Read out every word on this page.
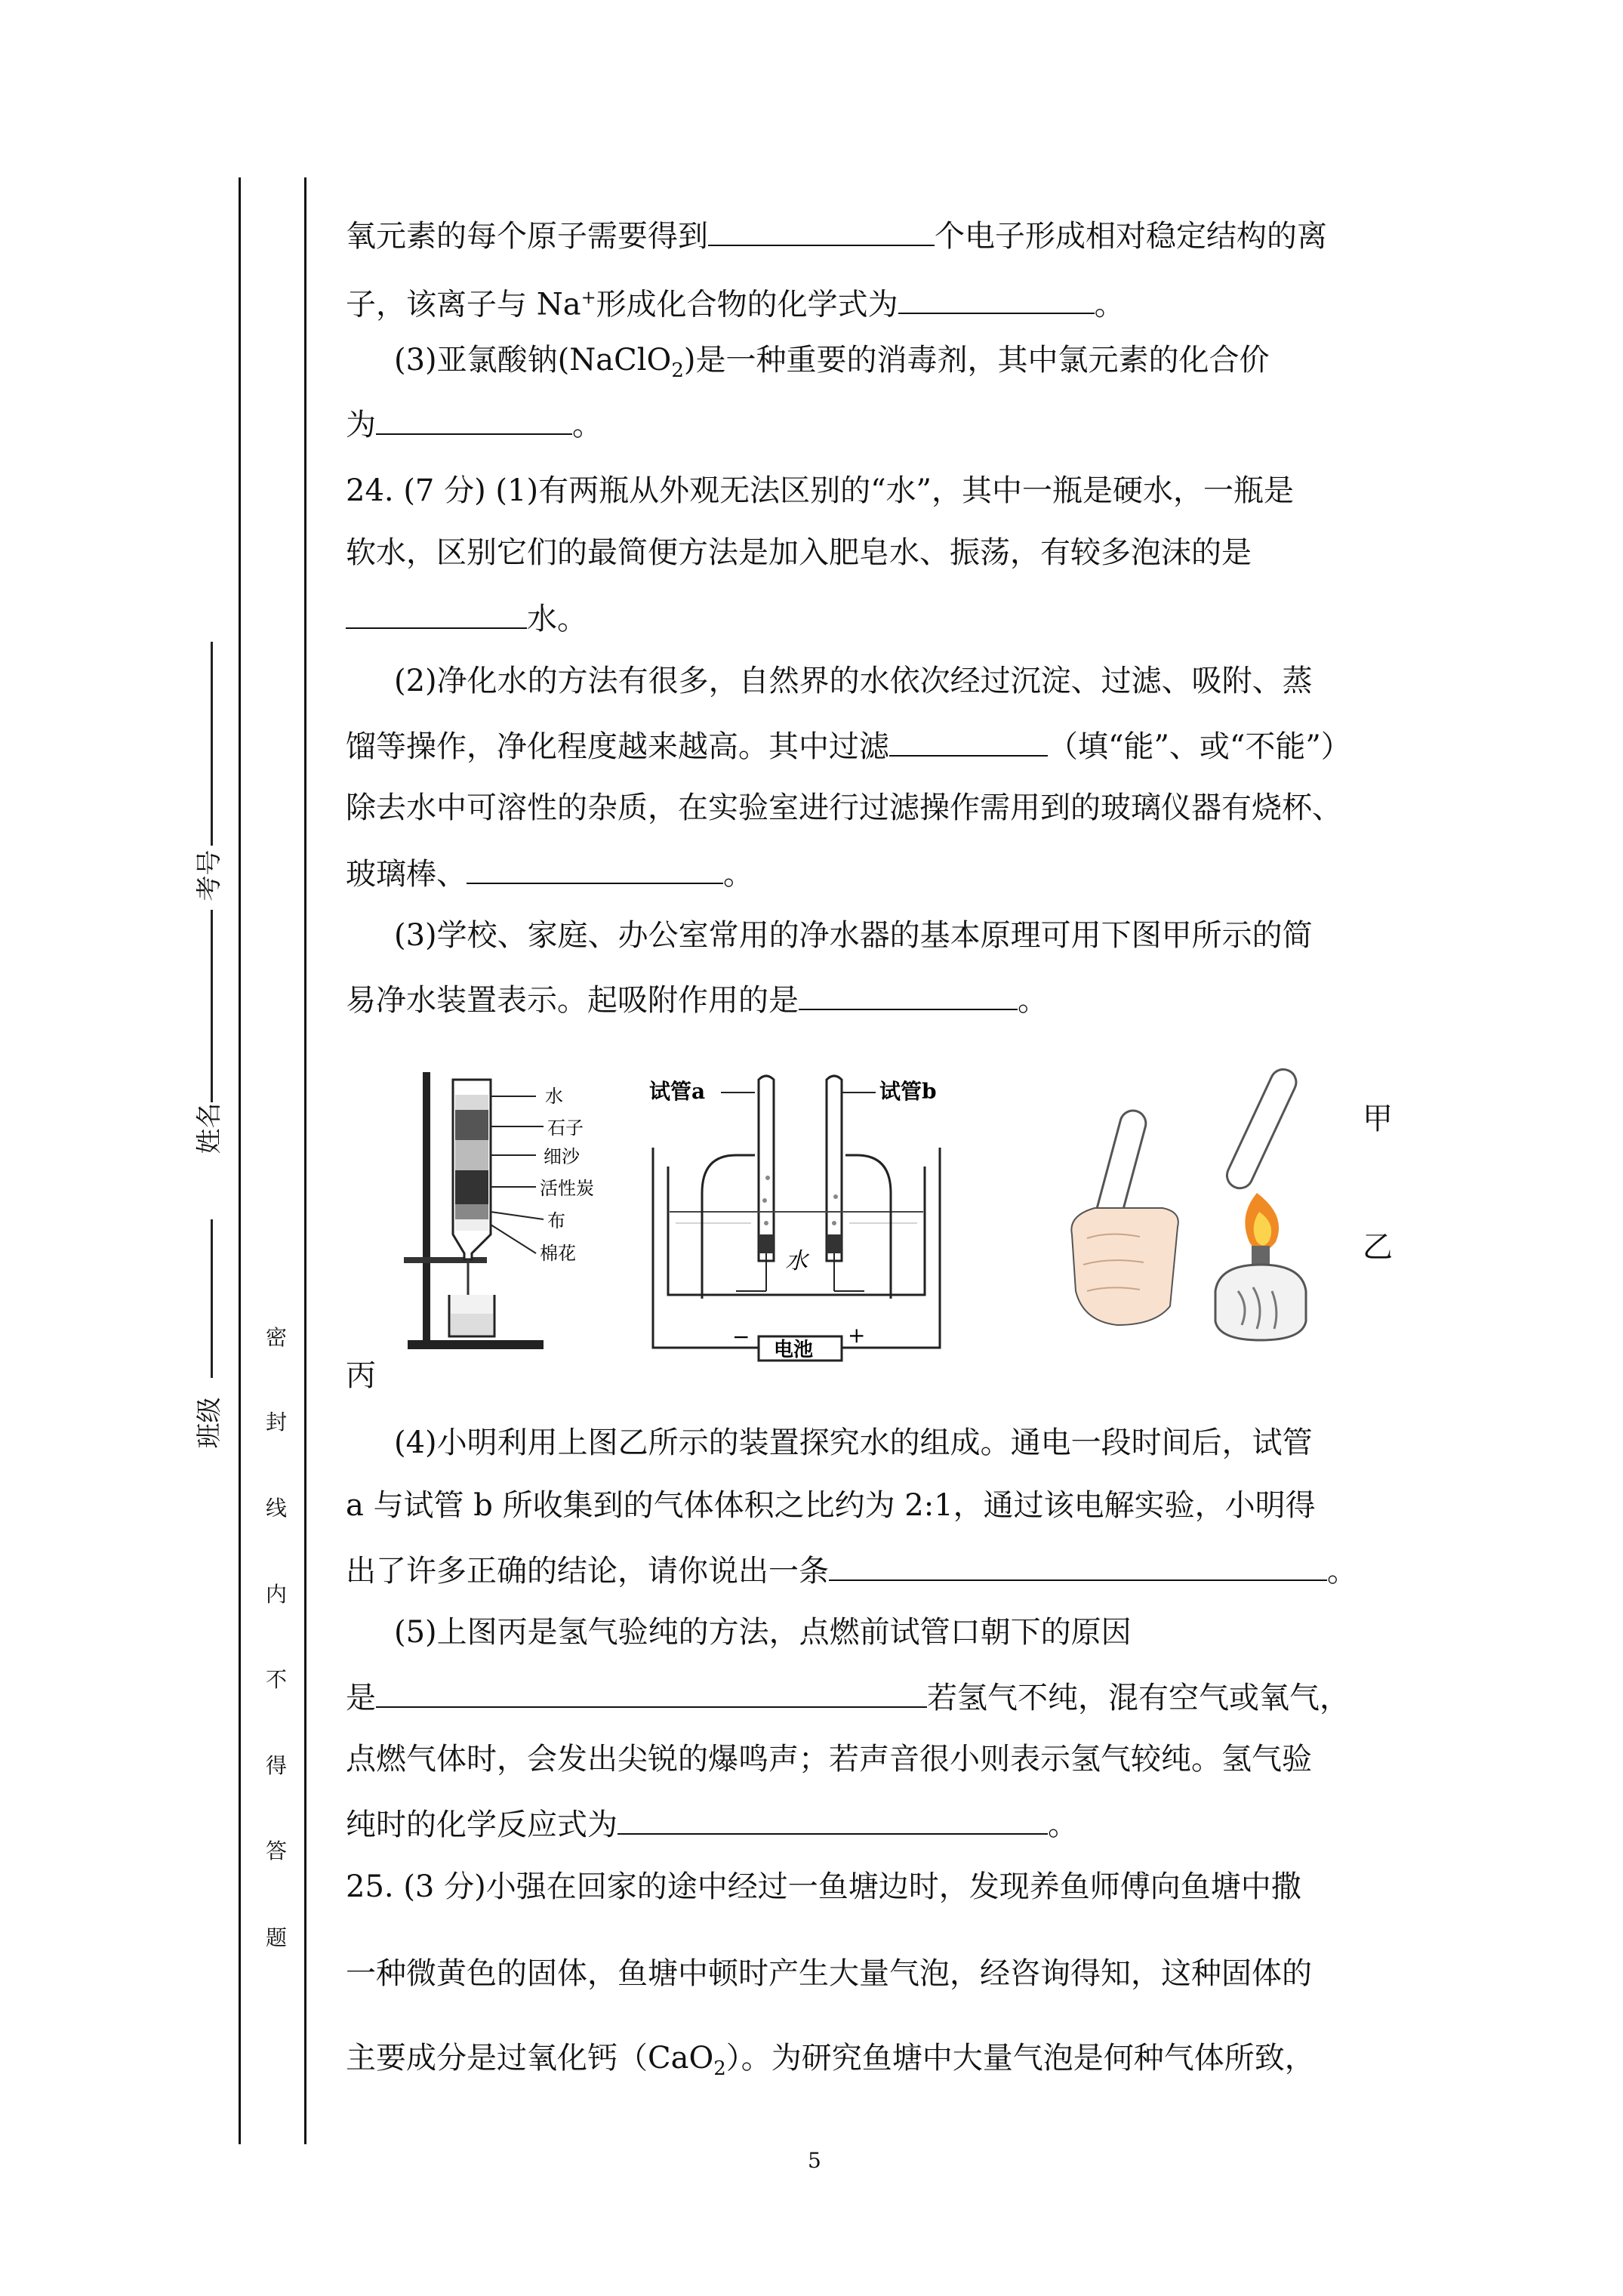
考号
姓名
班级
密
封
线
内
不
得
答
题
氧元素的每个原子需要得到	个电子形成相对稳定结构的离
子，该离子与 Na+形成化合物的化学式为	。
(3)亚氯酸钠(NaClO$_2$)是一种重要的消毒剂，其中氯元素的化合价
为	。
24. (7 分) (1)有两瓶从外观无法区别的“水”，其中一瓶是硬水，一瓶是
软水，区别它们的最简便方法是加入肥皂水、振荡，有较多泡沫的是
水。
(2)净化水的方法有很多，自然界的水依次经过沉淀、过滤、吸附、蒸
馏等操作，净化程度越来越高。其中过滤	（填“能”、或“不能”）
除去水中可溶性的杂质，在实验室进行过滤操作需用到的玻璃仪器有烧杯、
玻璃棒、	。
(3)学校、家庭、办公室常用的净水器的基本原理可用下图甲所示的简
易净水装置表示。起吸附作用的是	。
(4)小明利用上图乙所示的装置探究水的组成。通电一段时间后，试管
a 与试管 b 所收集到的气体体积之比约为 2:1，通过该电解实验，小明得
出了许多正确的结论，请你说出一条	。
(5)上图丙是氢气验纯的方法，点燃前试管口朝下的原因
是	若氢气不纯，混有空气或氧气，
点燃气体时，会发出尖锐的爆鸣声；若声音很小则表示氢气较纯。氢气验
纯时的化学反应式为	。
25. (3 分)小强在回家的途中经过一鱼塘边时，发现养鱼师傅向鱼塘中撒
一种微黄色的固体，鱼塘中顿时产生大量气泡，经咨询得知，这种固体的
主要成分是过氧化钙（CaO$_2$）。为研究鱼塘中大量气泡是何种气体所致，
水
石子
细沙
活性炭
布
棉花
试管a	试管b
水
电池
−	+
甲
乙
丙
5
